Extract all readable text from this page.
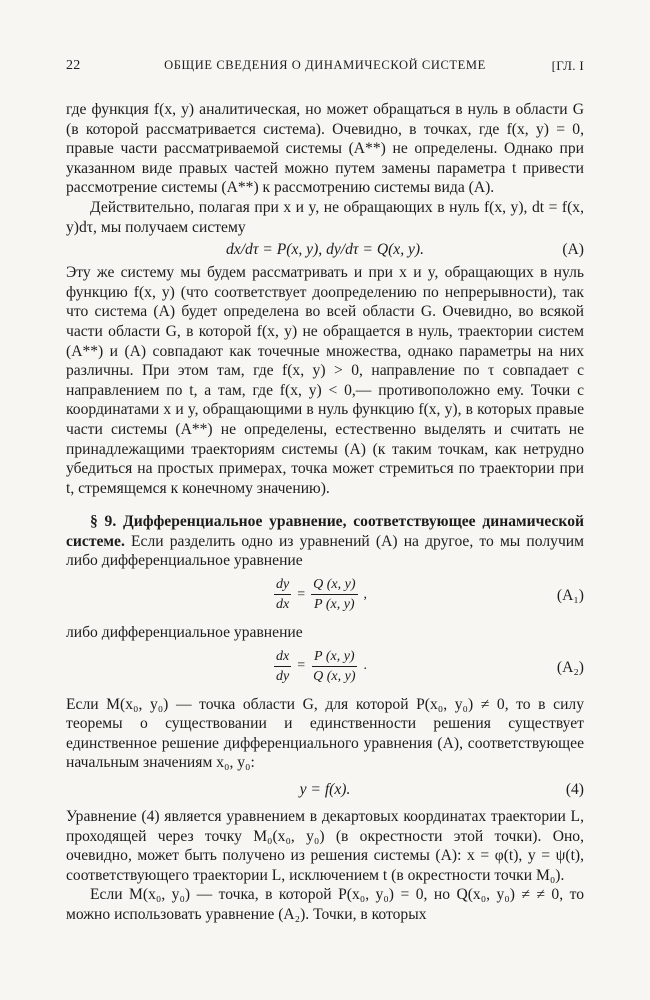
22	ОБЩИЕ СВЕДЕНИЯ О ДИНАМИЧЕСКОЙ СИСТЕМЕ	[ГЛ. I

где функция f(x, y) аналитическая, но может обращаться в нуль в области G (в которой рассматривается система). Очевидно, в точках, где f(x, y) = 0, правые части рассматриваемой системы (A**) не определены. Однако при указанном виде правых частей можно путем замены параметра t привести рассмотрение системы (A**) к рассмотрению системы вида (A).

Действительно, полагая при x и y, не обращающих в нуль f(x, y), dt = f(x, y)dτ, мы получаем систему

dx/dτ = P(x, y), dy/dτ = Q(x, y).	(A)

Эту же систему мы будем рассматривать и при x и y, обращающих в нуль функцию f(x, y) (что соответствует доопределению по непрерывности), так что система (A) будет определена во всей области G. Очевидно, во всякой части области G, в которой f(x, y) не обращается в нуль, траектории систем (A**) и (A) совпадают как точечные множества, однако параметры на них различны. При этом там, где f(x, y) > 0, направление по τ совпадает с направлением по t, а там, где f(x, y) < 0,— противоположно ему. Точки с координатами x и y, обращающими в нуль функцию f(x, y), в которых правые части системы (A**) не определены, естественно выделять и считать не принадлежащими траекториям системы (A) (к таким точкам, как нетрудно убедиться на простых примерах, точка может стремиться по траектории при t, стремящемся к конечному значению).

§ 9. Дифференциальное уравнение, соответствующее динамической системе. Если разделить одно из уравнений (A) на другое, то мы получим либо дифференциальное уравнение

$\frac{dy}{dx} = \frac{Q (x, y)}{P (x, y)}$ ,	(A₁)

либо дифференциальное уравнение

$\frac{dx}{dy} = \frac{P (x, y)}{Q (x, y)}$ .	(A₂)

Если M(x₀, y₀) — точка области G, для которой P(x₀, y₀) ≠ 0, то в силу теоремы о существовании и единственности решения существует единственное решение дифференциального уравнения (A), соответствующее начальным значениям x₀, y₀:

y = f(x).	(4)

Уравнение (4) является уравнением в декартовых координатах траектории L, проходящей через точку M₀(x₀, y₀) (в окрестности этой точки). Оно, очевидно, может быть получено из решения системы (A): x = φ(t), y = ψ(t), соответствующего траектории L, исключением t (в окрестности точки M₀).

Если M(x₀, y₀) — точка, в которой P(x₀, y₀) = 0, но Q(x₀, y₀) ≠ ≠ 0, то можно использовать уравнение (A₂). Точки, в которых
